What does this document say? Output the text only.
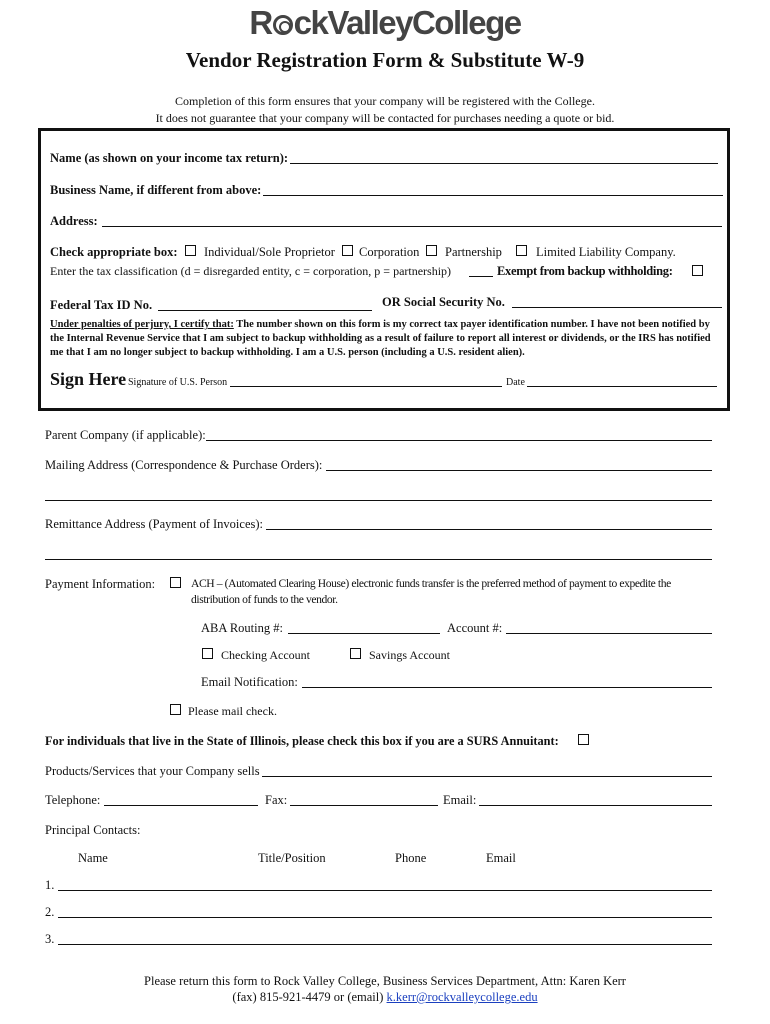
R ckValleyCollege
Vendor Registration Form & Substitute W-9
Completion of this form ensures that your company will be registered with the College.
It does not guarantee that your company will be contacted for purchases needing a quote or bid.
Name (as shown on your income tax return):
Business Name, if different from above:
Address:
Check appropriate box: Individual/Sole Proprietor Corporation Partnership	Limited Liability Company.
Enter the tax classification (d = disregarded entity, c = corporation, p = partnership)	Exempt from backup withholding:
Federal Tax ID No.	OR Social Security No.
Under penalties of perjury, I certify that: The number shown on this form is my correct tax payer identification number. I have not been notified by the Internal Revenue Service that I am subject to backup withholding as a result of failure to report all interest or dividends, or the IRS has notified me that I am no longer subject to backup withholding. I am a U.S. person (including a U.S. resident alien).
Sign Here Signature of U.S. Person	Date
Parent Company (if applicable):
Mailing Address (Correspondence & Purchase Orders):
Remittance Address (Payment of Invoices):
Payment Information:	ACH – (Automated Clearing House) electronic funds transfer is the preferred method of payment to expedite the
distribution of funds to the vendor.
ABA Routing #:	Account #:
Checking Account	Savings Account
Email Notification:
Please mail check.
For individuals that live in the State of Illinois, please check this box if you are a SURS Annuitant:
Products/Services that your Company sells
Telephone:	Fax:	Email:
Principal Contacts:
Name	Title/Position	Phone	Email
1.
2.
3.
Please return this form to Rock Valley College, Business Services Department, Attn: Karen Kerr
(fax) 815-921-4479 or (email) k.kerr@rockvalleycollege.edu
